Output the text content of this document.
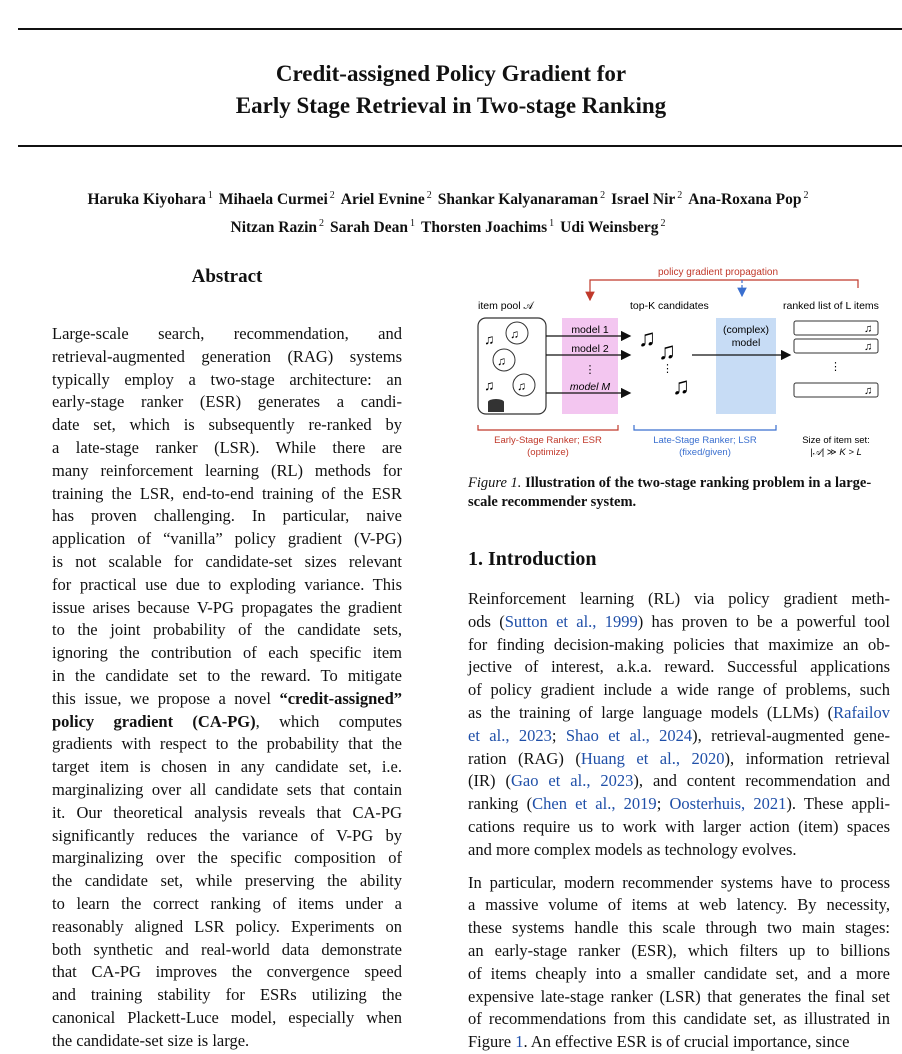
Credit-assigned Policy Gradient for
Early Stage Retrieval in Two-stage Ranking
Haruka Kiyohara $^1$ Mihaela Curmei $^2$ Ariel Evnine $^2$ Shankar Kalyanaraman $^2$ Israel Nir $^2$ Ana-Roxana Pop $^2$
Nitzan Razin $^2$ Sarah Dean $^1$ Thorsten Joachims $^1$ Udi Weinsberg $^2$
Abstract
Large-scale search, recommendation, and
retrieval-augmented generation (RAG) systems
typically employ a two-stage architecture: an
early-stage ranker (ESR) generates a candi-
date set, which is subsequently re-ranked by
a late-stage ranker (LSR). While there are
many reinforcement learning (RL) methods for
training the LSR, end-to-end training of the ESR
has proven challenging. In particular, naive
application of “vanilla” policy gradient (V-PG)
is not scalable for candidate-set sizes relevant
for practical use due to exploding variance. This
issue arises because V-PG propagates the gradient
to the joint probability of the candidate sets,
ignoring the contribution of each specific item
in the candidate set to the reward. To mitigate
this issue, we propose a novel “credit-assigned”
policy gradient (CA-PG), which computes
gradients with respect to the probability that the
target item is chosen in any candidate set, i.e.
marginalizing over all candidate sets that contain
it. Our theoretical analysis reveals that CA-PG
significantly reduces the variance of V-PG by
marginalizing over the specific composition of
the candidate set, while preserving the ability
to learn the correct ranking of items under a
reasonably aligned LSR policy. Experiments on
both synthetic and real-world data demonstrate
that CA-PG improves the convergence speed
and training stability for ESRs utilizing the
canonical Plackett-Luce model, especially when
the candidate-set size is large.
policy gradient propagation
item pool 𝒜	top-K candidates	ranked list of L items
♫ ♫
♫
♫ ♫
model 1
model 2
⋮
model M
♫ ♫
⋮
♫
(complex)
model
♫
♫
⋮
♫
Early-Stage Ranker; ESR
(optimize)
Late-Stage Ranker; LSR
(fixed/given)
Size of item set:
|𝒜| ≫ K > L
Figure 1. Illustration of the two-stage ranking problem in a large-scale recommender system.
1. Introduction
Reinforcement learning (RL) via policy gradient meth-
ods (Sutton et al., 1999) has proven to be a powerful tool
for finding decision-making policies that maximize an ob-
jective of interest, a.k.a. reward. Successful applications
of policy gradient include a wide range of problems, such
as the training of large language models (LLMs) (Rafailov
et al., 2023; Shao et al., 2024), retrieval-augmented gene-
ration (RAG) (Huang et al., 2020), information retrieval
(IR) (Gao et al., 2023), and content recommendation and
ranking (Chen et al., 2019; Oosterhuis, 2021). These appli-
cations require us to work with larger action (item) spaces
and more complex models as technology evolves.
In particular, modern recommender systems have to process
a massive volume of items at web latency. By necessity,
these systems handle this scale through two main stages:
an early-stage ranker (ESR), which filters up to billions
of items cheaply into a smaller candidate set, and a more
expensive late-stage ranker (LSR) that generates the final set
of recommendations from this candidate set, as illustrated in
Figure 1. An effective ESR is of crucial importance, since
